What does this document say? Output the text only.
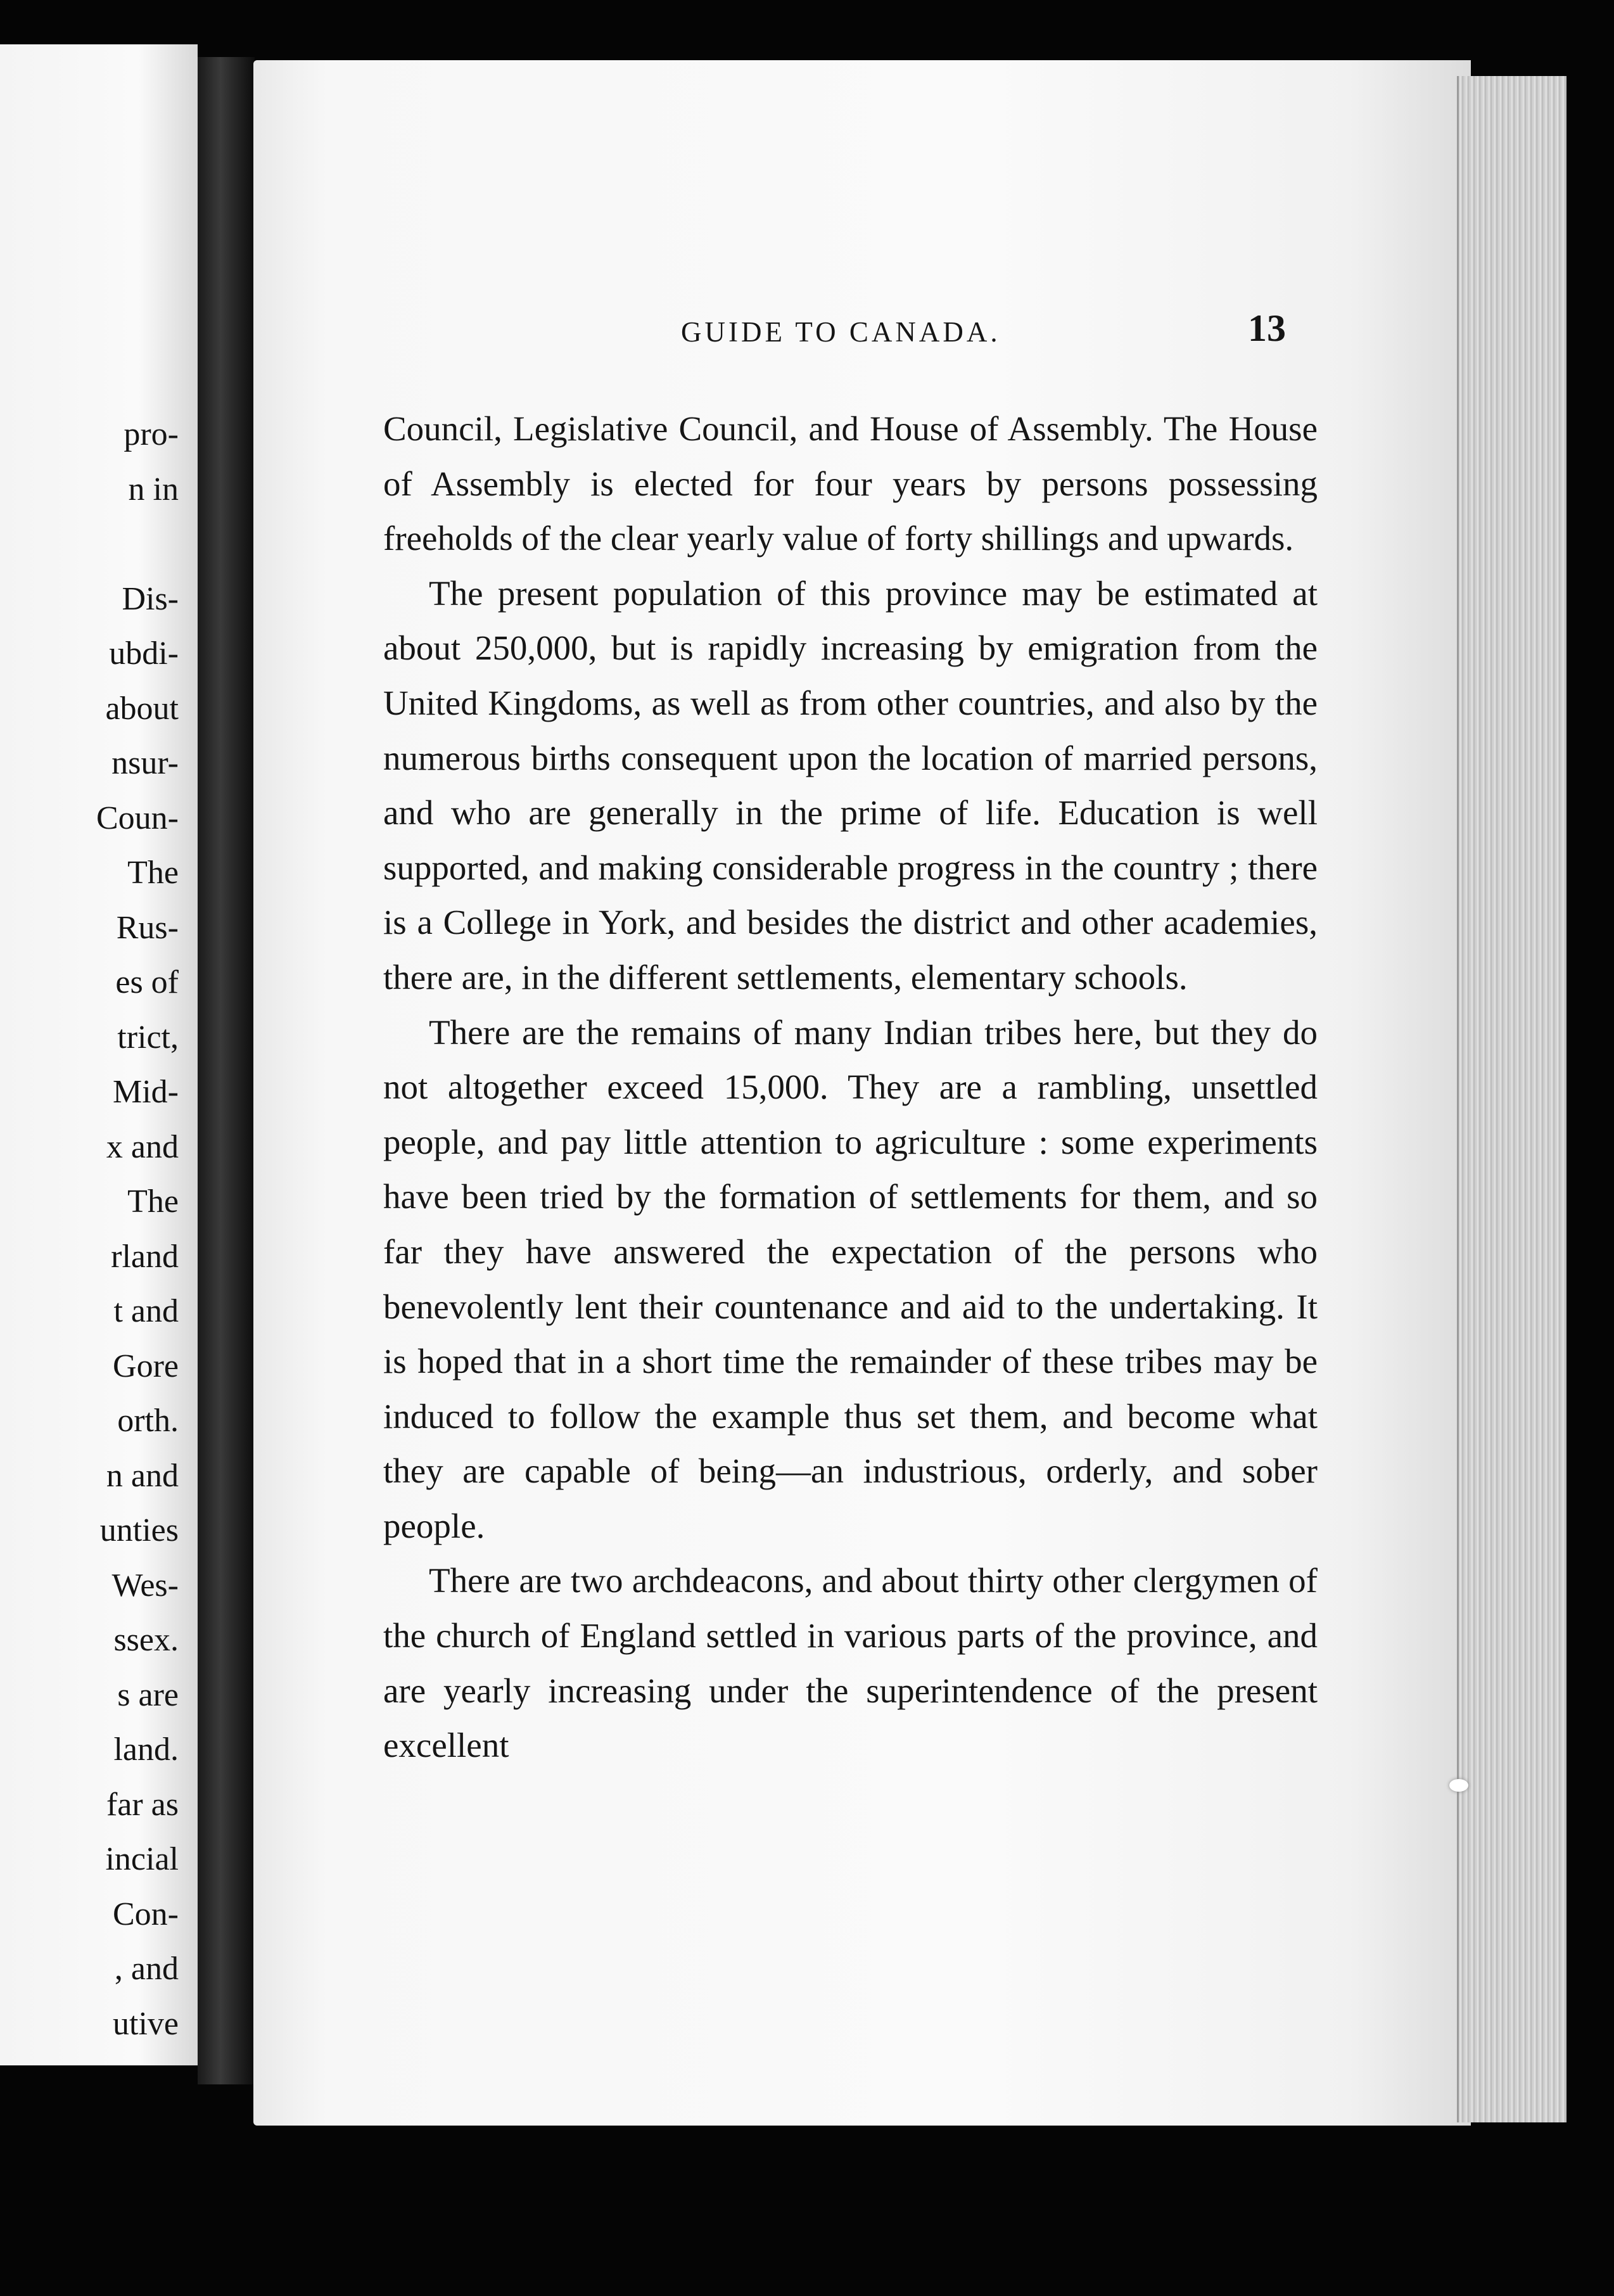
pro-
n in
Dis-
ubdi-
about
nsur-
Coun-
The
Rus-
es of
trict,
Mid-
x and
The
rland
t and
Gore
orth.
n and
unties
Wes-
ssex.
s are
land.
far as
incial
Con-
, and
utive
GUIDE TO CANADA.	13

Council, Legislative Council, and House of Assembly. The House of Assembly is elected for four years by persons possessing freeholds of the clear yearly value of forty shillings and upwards.

The present population of this province may be estimated at about 250,000, but is rapidly increasing by emigration from the United Kingdoms, as well as from other countries, and also by the numerous births consequent upon the location of married persons, and who are generally in the prime of life. Education is well supported, and making considerable progress in the country ; there is a College in York, and besides the district and other academies, there are, in the different settlements, elementary schools.

There are the remains of many Indian tribes here, but they do not altogether exceed 15,000. They are a rambling, unsettled people, and pay little attention to agriculture : some experiments have been tried by the formation of settlements for them, and so far they have answered the expectation of the persons who benevolently lent their countenance and aid to the undertaking. It is hoped that in a short time the remainder of these tribes may be induced to follow the example thus set them, and become what they are capable of being—an industrious, orderly, and sober people.

There are two archdeacons, and about thirty other clergymen of the church of England settled in various parts of the province, and are yearly increasing under the superintendence of the present excellent
